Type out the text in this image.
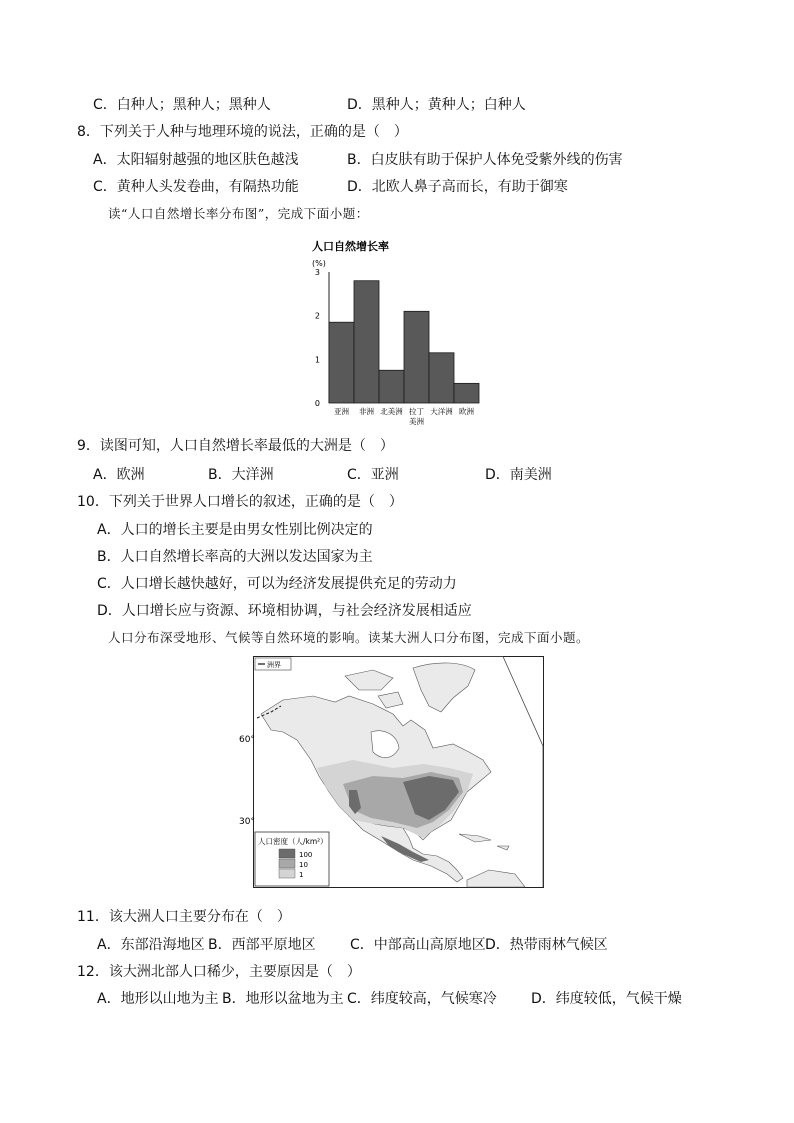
C．白种人；黑种人；黑种人	D．黑种人；黄种人；白种人
8．下列关于人种与地理环境的说法，正确的是（　）
A．太阳辐射越强的地区肤色越浅	B．白皮肤有助于保护人体免受紫外线的伤害
C．黄种人头发卷曲，有隔热功能	D．北欧人鼻子高而长，有助于御寒
读“人口自然增长率分布图”，完成下面小题：
人口自然增长率
(%)
0
1
2
3
亚洲 非洲 北美洲 拉丁
美洲
大洋洲 欧洲
9．读图可知，人口自然增长率最低的大洲是（　）
A．欧洲	B．大洋洲	C．亚洲	D．南美洲
10．下列关于世界人口增长的叙述，正确的是（　）
A．人口的增长主要是由男女性别比例决定的
B．人口自然增长率高的大洲以发达国家为主
C．人口增长越快越好，可以为经济发展提供充足的劳动力
D．人口增长应与资源、环境相协调，与社会经济发展相适应
人口分布深受地形、气候等自然环境的影响。读某大洲人口分布图，完成下面小题。
60°
30°
洲界
人口密度（人/km²）
100
10
1
11．该大洲人口主要分布在（　）
A．东部沿海地区 B．西部平原地区 C．中部高山高原地区 D．热带雨林气候区
12．该大洲北部人口稀少，主要原因是（　）
A．地形以山地为主 B．地形以盆地为主 C．纬度较高，气候寒冷 D．纬度较低，气候干燥
